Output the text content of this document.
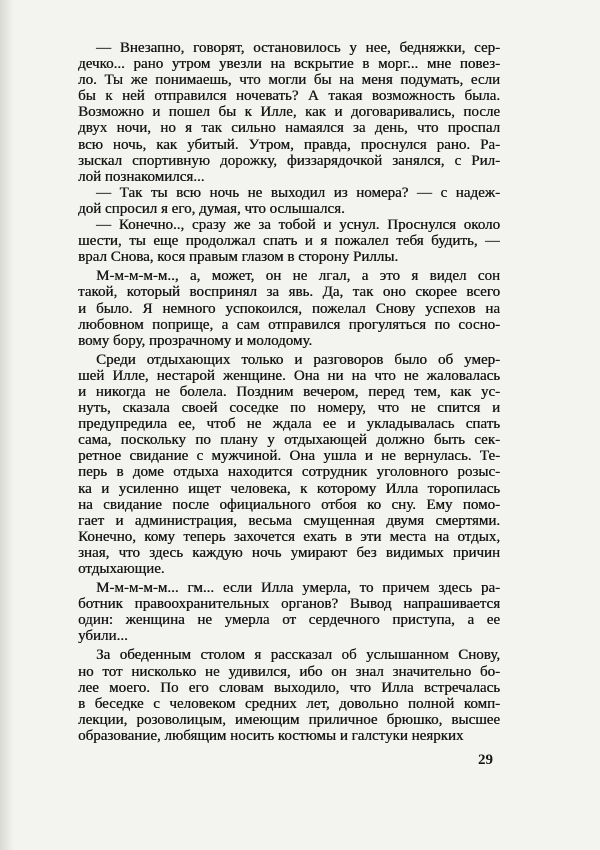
— Внезапно, говорят, остановилось у нее, бедняжки, сер-
дечко... рано утром увезли на вскрытие в морг... мне повез-
ло. Ты же понимаешь, что могли бы на меня подумать, если
бы к ней отправился ночевать? А такая возможность была.
Возможно и пошел бы к Илле, как и договаривались, после
двух ночи, но я так сильно намаялся за день, что проспал
всю ночь, как убитый. Утром, правда, проснулся рано. Ра-
зыскал спортивную дорожку, физзарядочкой занялся, с Рил-
лой познакомился...
— Так ты всю ночь не выходил из номера? — с надеж-
дой спросил я его, думая, что ослышался.
— Конечно.., сразу же за тобой и уснул. Проснулся около
шести, ты еще продолжал спать и я пожалел тебя будить, —
врал Снова, кося правым глазом в сторону Риллы.
М-м-м-м-м.., а, может, он не лгал, а это я видел сон
такой, который воспринял за явь. Да, так оно скорее всего
и было. Я немного успокоился, пожелал Снову успехов на
любовном поприще, а сам отправился прогуляться по сосно-
вому бору, прозрачному и молодому.
Среди отдыхающих только и разговоров было об умер-
шей Илле, нестарой женщине. Она ни на что не жаловалась
и никогда не болела. Поздним вечером, перед тем, как ус-
нуть, сказала своей соседке по номеру, что не спится и
предупредила ее, чтоб не ждала ее и укладывалась спать
сама, поскольку по плану у отдыхающей должно быть сек-
ретное свидание с мужчиной. Она ушла и не вернулась. Те-
перь в доме отдыха находится сотрудник уголовного розыс-
ка и усиленно ищет человека, к которому Илла торопилась
на свидание после официального отбоя ко сну. Ему помо-
гает и администрация, весьма смущенная двумя смертями.
Конечно, кому теперь захочется ехать в эти места на отдых,
зная, что здесь каждую ночь умирают без видимых причин
отдыхающие.
М-м-м-м-м... гм... если Илла умерла, то причем здесь ра-
ботник правоохранительных органов? Вывод напрашивается
один: женщина не умерла от сердечного приступа, а ее
убили...
За обеденным столом я рассказал об услышанном Снову,
но тот нисколько не удивился, ибо он знал значительно бо-
лее моего. По его словам выходило, что Илла встречалась
в беседке с человеком средних лет, довольно полной комп-
лекции, розоволицым, имеющим приличное брюшко, высшее
образование, любящим носить костюмы и галстуки неярких
29
